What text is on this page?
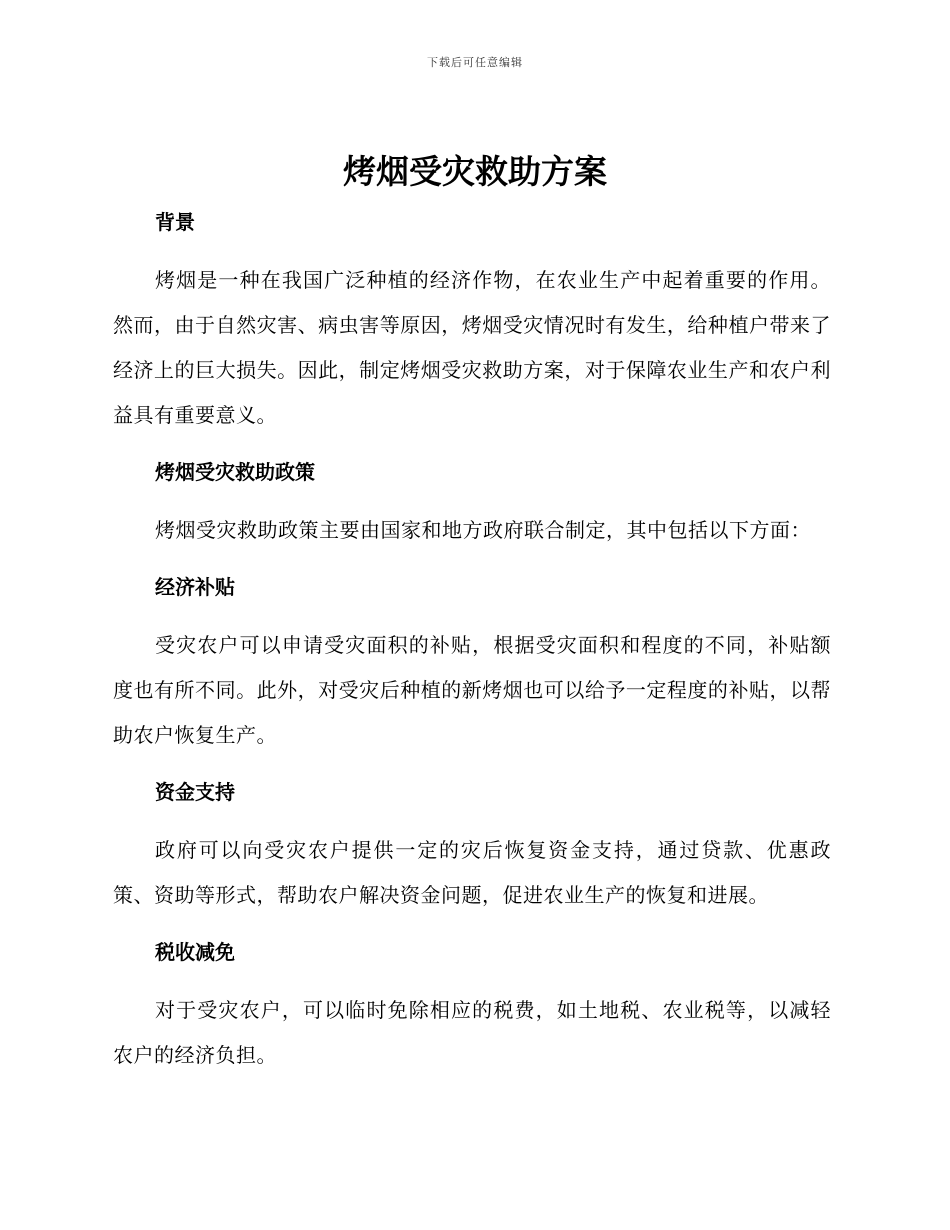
下载后可任意编辑
烤烟受灾救助方案
背景

烤烟是一种在我国广泛种植的经济作物，在农业生产中起着重要的作用。然而，由于自然灾害、病虫害等原因，烤烟受灾情况时有发生，给种植户带来了经济上的巨大损失。因此，制定烤烟受灾救助方案，对于保障农业生产和农户利益具有重要意义。

烤烟受灾救助政策

烤烟受灾救助政策主要由国家和地方政府联合制定，其中包括以下方面：

经济补贴

受灾农户可以申请受灾面积的补贴，根据受灾面积和程度的不同，补贴额度也有所不同。此外，对受灾后种植的新烤烟也可以给予一定程度的补贴，以帮助农户恢复生产。

资金支持

政府可以向受灾农户提供一定的灾后恢复资金支持，通过贷款、优惠政策、资助等形式，帮助农户解决资金问题，促进农业生产的恢复和进展。

税收减免

对于受灾农户，可以临时免除相应的税费，如土地税、农业税等，以减轻农户的经济负担。
